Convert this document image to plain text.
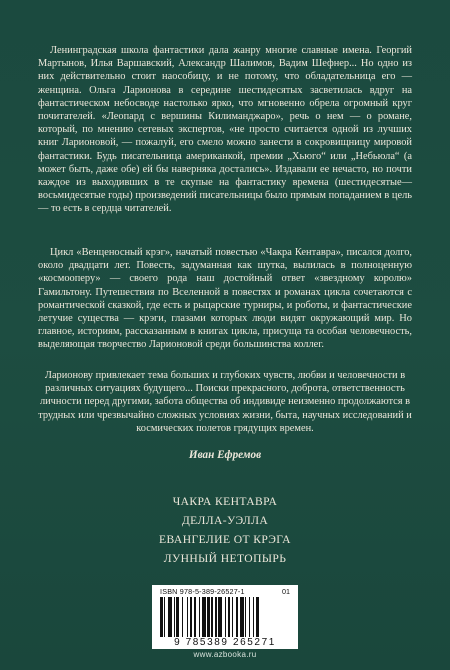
Ленинградская школа фантастики дала жанру многие славные имена. Георгий Мартынов, Илья Варшавский, Александр Шалимов, Вадим Шефнер... Но одно из них действительно стоит наособицу, и не потому, что обладательница его — женщина. Ольга Ларионова в середине шестидесятых засветилась вдруг на фантастическом небосводе настолько ярко, что мгновенно обрела огромный круг почитателей. «Леопард с вершины Килиманджаро», речь о нем — о романе, который, по мнению сетевых экспертов, «не просто считается одной из лучших книг Ларионовой, — пожалуй, его смело можно занести в сокровищницу мировой фантастики. Будь писательница американкой, премии „Хьюго“ или „Небьюла“ (а может быть, даже обе) ей бы наверняка достались». Издавали ее нечасто, но почти каждое из выходивших в те скупые на фантастику времена (шестидесятые—восьмидесятые годы) произведений писательницы было прямым попаданием в цель — то есть в сердца читателей.

Цикл «Венценосный крэг», начатый повестью «Чакра Кентавра», писался долго, около двадцати лет. Повесть, задуманная как шутка, вылилась в полноценную «космооперу» — своего рода наш достойный ответ «звездному королю» Гамильтону. Путешествия по Вселенной в повестях и романах цикла сочетаются с романтической сказкой, где есть и рыцарские турниры, и роботы, и фантастические летучие существа — крэги, глазами которых люди видят окружающий мир. Но главное, историям, рассказанным в книгах цикла, присуща та особая человечность, выделяющая творчество Ларионовой среди большинства коллег.

Ларионову привлекает тема больших и глубоких чувств, любви и человечности в различных ситуациях будущего... Поиски прекрасного, доброта, ответственность личности перед другими, забота общества об индивиде неизменно продолжаются в трудных или чрезвычайно сложных условиях жизни, быта, научных исследований и космических полетов грядущих времен.

Иван Ефремов
ЧАКРА КЕНТАВРА
ДЕЛЛА-УЭЛЛА
ЕВАНГЕЛИЕ ОТ КРЭГА
ЛУННЫЙ НЕТОПЫРЬ
ISBN 978-5-389-26527-1	01
9 785389 265271
www.azbooka.ru
